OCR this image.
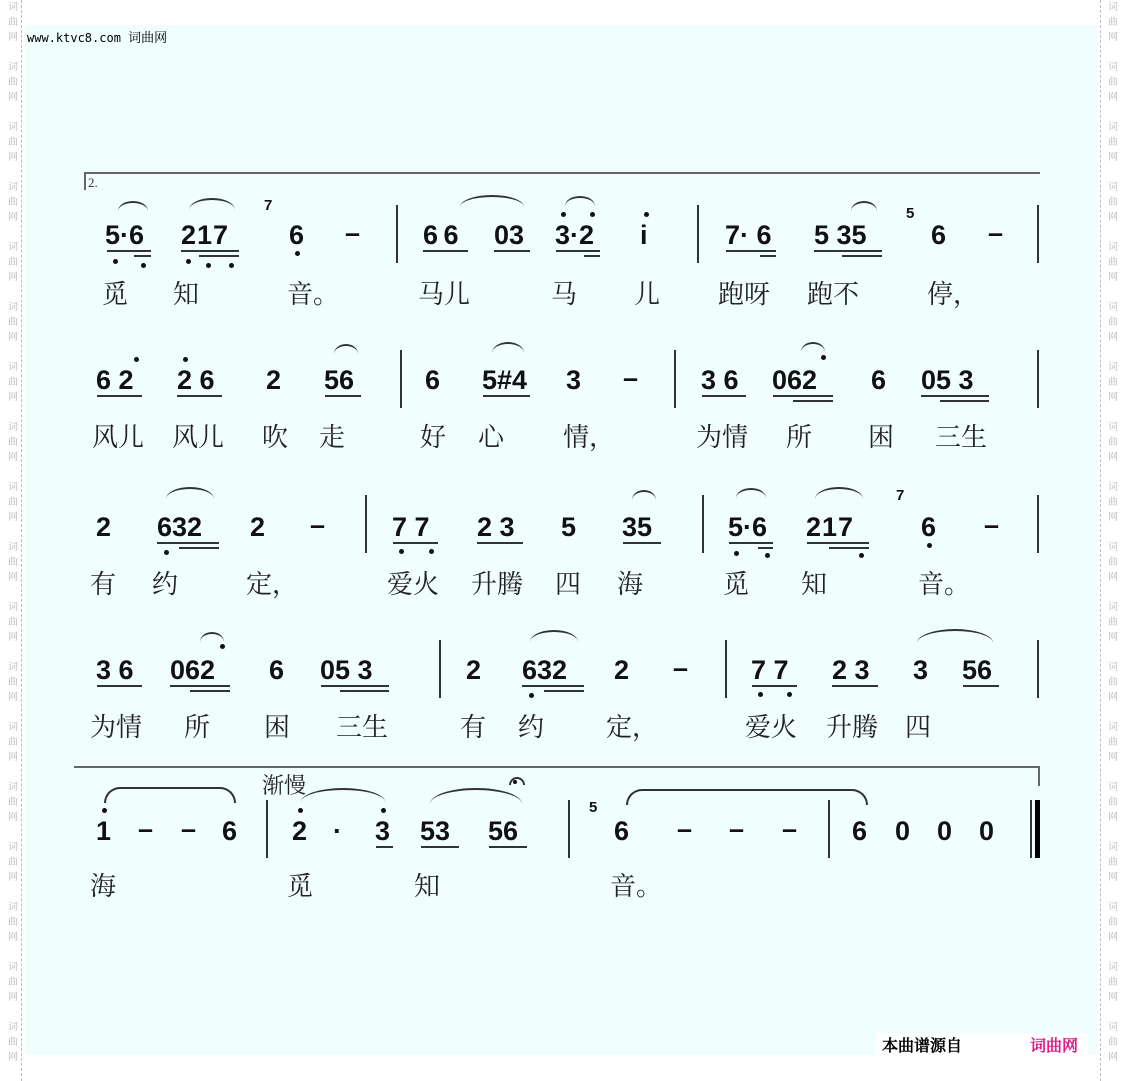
词
曲
网
词
曲
网
词
曲
网
词
曲
网
词
曲
网
词
曲
网
词
曲
网
词
曲
网
词
曲
网
词
曲
网
词
曲
网
词
曲
网
词
曲
网
词
曲
网
词
曲
网
词
曲
网
词
曲
网
词
曲
网
词
曲
网
词
曲
网
词
曲
网
词
曲
网
词
曲
网
词
曲
网
词
曲
网
词
曲
网
词
曲
网
词
曲
网
词
曲
网
词
曲
网
词
曲
网
词
曲
网
词
曲
网
词
曲
网
词
曲
网
词
曲
网
www.ktvc8.com 词曲网
2.
5·6 217
7
6 – 6 6 03 3·2 i	7· 6 5 35
5
6 –
觅 知	音。	马儿	马 儿 跑呀 跑不	停，
6 2 2 6 2 56	6 5#4 3 – 3 6 062 6 05 3
风儿 风儿 吹 走	好 心 情，	为情 所 困 三生
2 632 2 – 7 7 2 3 5 35	5·6 217
7
6 –
有 约	定，	爱火 升腾 四 海	觅 知	音。
3 6 062 6 05 3	2 632 2 – 7 7 2 3 3 56
为情 所 困 三生	有 约 定，	爱火 升腾 四
渐慢
1 – – 6 2 · 3 53 56
5
6 – – – 6 0 0 0
海	觅	知	音。
本曲谱源自	词曲网
